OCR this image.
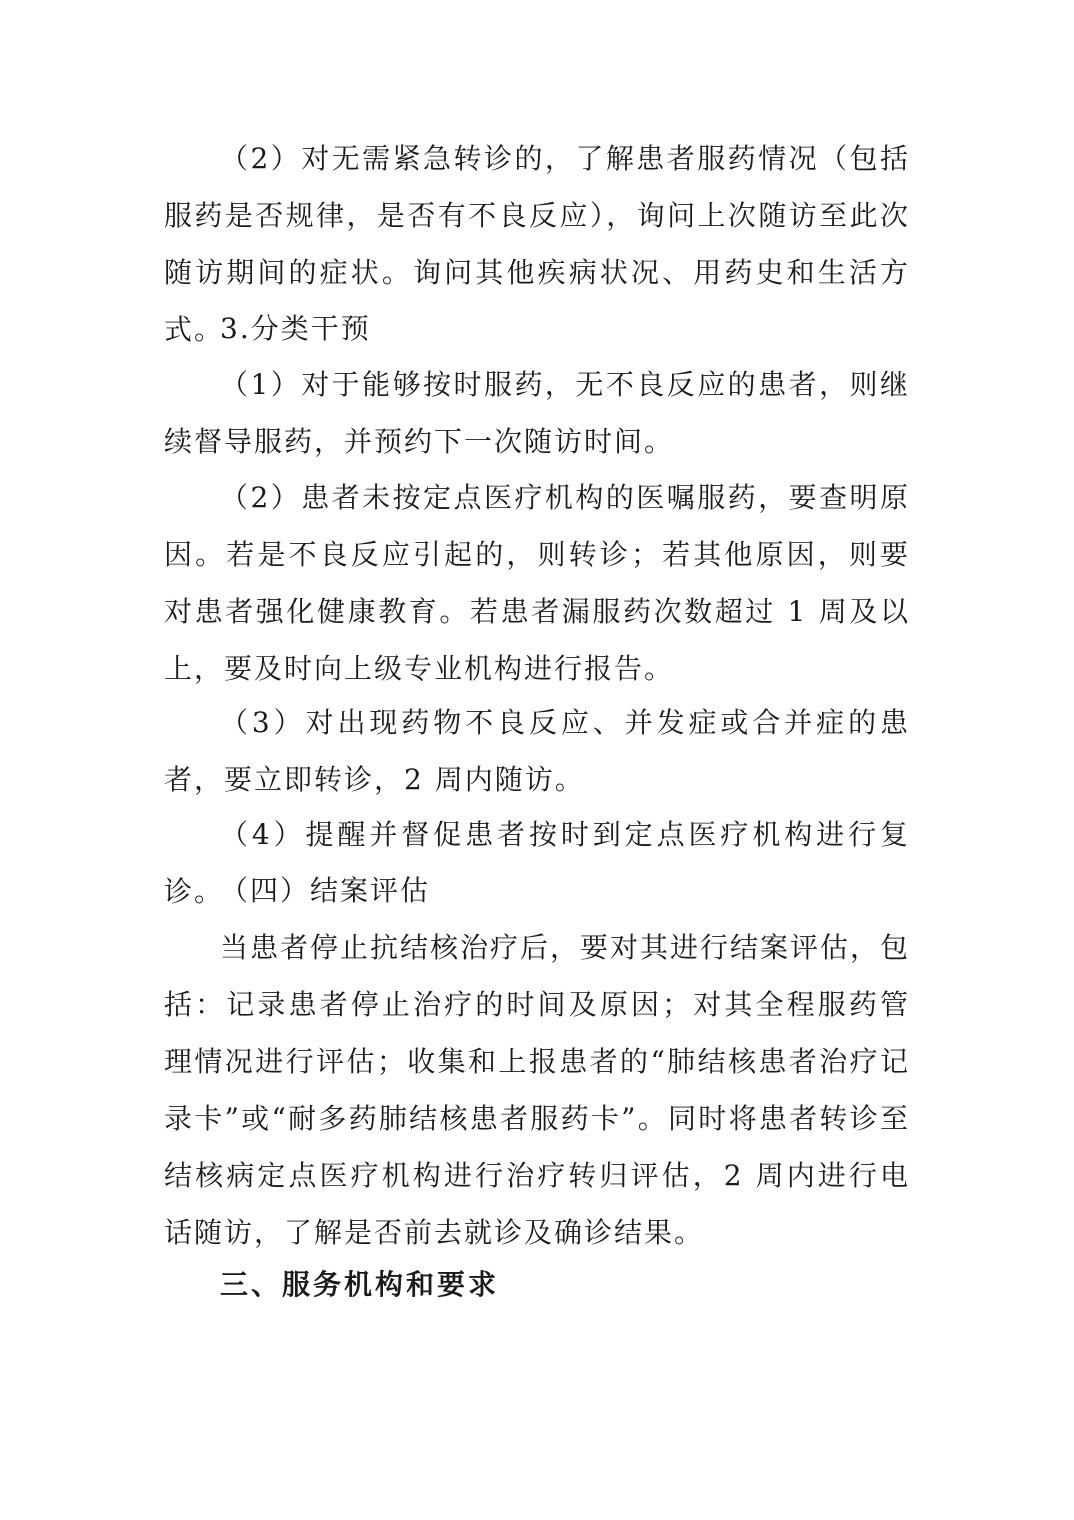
（2）对无需紧急转诊的，了解患者服药情况（包括服药是否规律，是否有不良反应），询问上次随访至此次随访期间的症状。询问其他疾病状况、用药史和生活方式。

3.分类干预

（1）对于能够按时服药，无不良反应的患者，则继续督导服药，并预约下一次随访时间。

（2）患者未按定点医疗机构的医嘱服药，要查明原因。若是不良反应引起的，则转诊；若其他原因，则要对患者强化健康教育。若患者漏服药次数超过 1 周及以上，要及时向上级专业机构进行报告。

（3）对出现药物不良反应、并发症或合并症的患者，要立即转诊，2 周内随访。

（4）提醒并督促患者按时到定点医疗机构进行复诊。

（四）结案评估

当患者停止抗结核治疗后，要对其进行结案评估，包括：记录患者停止治疗的时间及原因；对其全程服药管理情况进行评估；收集和上报患者的“肺结核患者治疗记录卡”或“耐多药肺结核患者服药卡”。同时将患者转诊至结核病定点医疗机构进行治疗转归评估，2 周内进行电话随访，了解是否前去就诊及确诊结果。

三、服务机构和要求
